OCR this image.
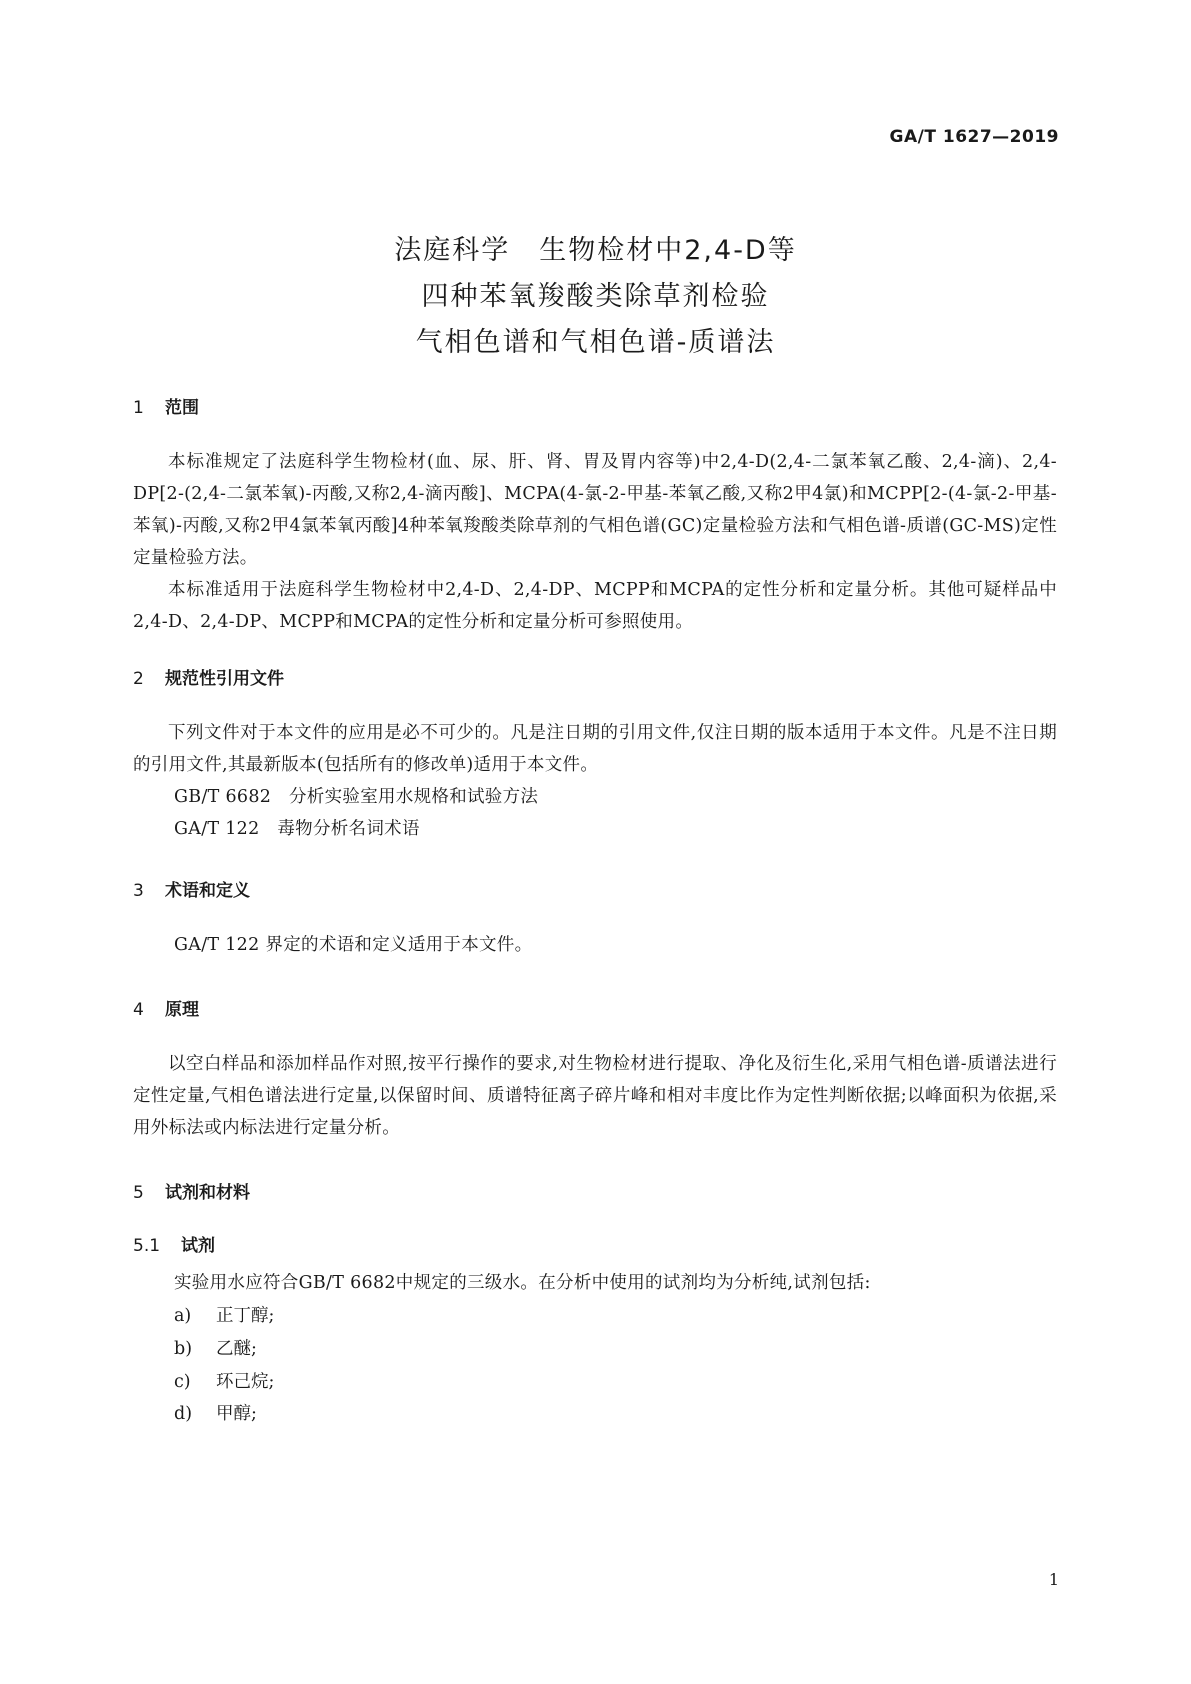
GA/T 1627—2019
法庭科学　生物检材中2,4-D等
四种苯氧羧酸类除草剂检验
气相色谱和气相色谱-质谱法
1 范围
本标准规定了法庭科学生物检材(血、尿、肝、肾、胃及胃内容等)中2,4-D(2,4-二氯苯氧乙酸、2,4-滴)、2,4-DP[2-(2,4-二氯苯氧)-丙酸,又称2,4-滴丙酸]、MCPA(4-氯-2-甲基-苯氧乙酸,又称2甲4氯)和MCPP[2-(4-氯-2-甲基-苯氧)-丙酸,又称2甲4氯苯氧丙酸]4种苯氧羧酸类除草剂的气相色谱(GC)定量检验方法和气相色谱-质谱(GC-MS)定性定量检验方法。
本标准适用于法庭科学生物检材中2,4-D、2,4-DP、MCPP和MCPA的定性分析和定量分析。其他可疑样品中2,4-D、2,4-DP、MCPP和MCPA的定性分析和定量分析可参照使用。
2 规范性引用文件
下列文件对于本文件的应用是必不可少的。凡是注日期的引用文件,仅注日期的版本适用于本文件。凡是不注日期的引用文件,其最新版本(包括所有的修改单)适用于本文件。
GB/T 6682　分析实验室用水规格和试验方法
GA/T 122　毒物分析名词术语
3 术语和定义
GA/T 122 界定的术语和定义适用于本文件。
4 原理
以空白样品和添加样品作对照,按平行操作的要求,对生物检材进行提取、净化及衍生化,采用气相色谱-质谱法进行定性定量,气相色谱法进行定量,以保留时间、质谱特征离子碎片峰和相对丰度比作为定性判断依据;以峰面积为依据,采用外标法或内标法进行定量分析。
5 试剂和材料
5.1 试剂
实验用水应符合GB/T 6682中规定的三级水。在分析中使用的试剂均为分析纯,试剂包括:
a) 正丁醇;
b) 乙醚;
c) 环己烷;
d) 甲醇;
1
